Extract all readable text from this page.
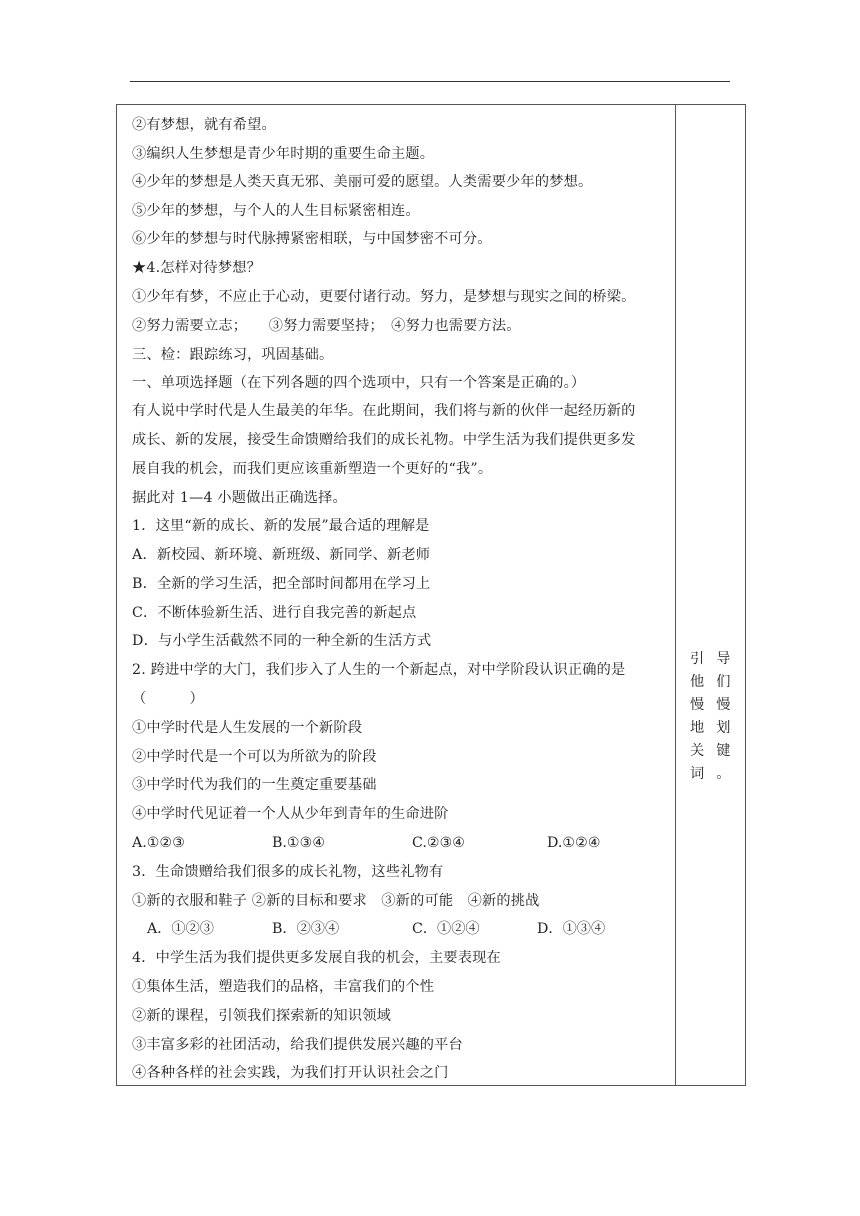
②有梦想，就有希望。
③编织人生梦想是青少年时期的重要生命主题。
④少年的梦想是人类天真无邪、美丽可爱的愿望。人类需要少年的梦想。
⑤少年的梦想，与个人的人生目标紧密相连。
⑥少年的梦想与时代脉搏紧密相联，与中国梦密不可分。
★4.怎样对待梦想？
①少年有梦，不应止于心动，更要付诸行动。努力，是梦想与现实之间的桥梁。
②努力需要立志；　　③努力需要坚持；　④努力也需要方法。
三、检：跟踪练习，巩固基础。
一、单项选择题（在下列各题的四个选项中，只有一个答案是正确的。）
有人说中学时代是人生最美的年华。在此期间，我们将与新的伙伴一起经历新的
成长、新的发展，接受生命馈赠给我们的成长礼物。中学生活为我们提供更多发
展自我的机会，而我们更应该重新塑造一个更好的“我”。
据此对 1—4 小题做出正确选择。
1．这里“新的成长、新的发展”最合适的理解是
A．新校园、新环境、新班级、新同学、新老师
B．全新的学习生活，把全部时间都用在学习上
C．不断体验新生活、进行自我完善的新起点
D．与小学生活截然不同的一种全新的生活方式
2. 跨进中学的大门，我们步入了人生的一个新起点，对中学阶段认识正确的是
（　　　）
①中学时代是人生发展的一个新阶段
②中学时代是一个可以为所欲为的阶段
③中学时代为我们的一生奠定重要基础
④中学时代见证着一个人从少年到青年的生命进阶
A.①②③	B.①③④	C.②③④	D.①②④
3．生命馈赠给我们很多的成长礼物，这些礼物有
①新的衣服和鞋子 ②新的目标和要求　③新的可能　④新的挑战
A．①②③	B．②③④	C．①②④	D．①③④
4．中学生活为我们提供更多发展自我的机会，主要表现在
①集体生活，塑造我们的品格，丰富我们的个性
②新的课程，引领我们探索新的知识领域
③丰富多彩的社团活动，给我们提供发展兴趣的平台
④各种各样的社会实践，为我们打开认识社会之门
引导
他们
慢慢
地划
关键
词。
